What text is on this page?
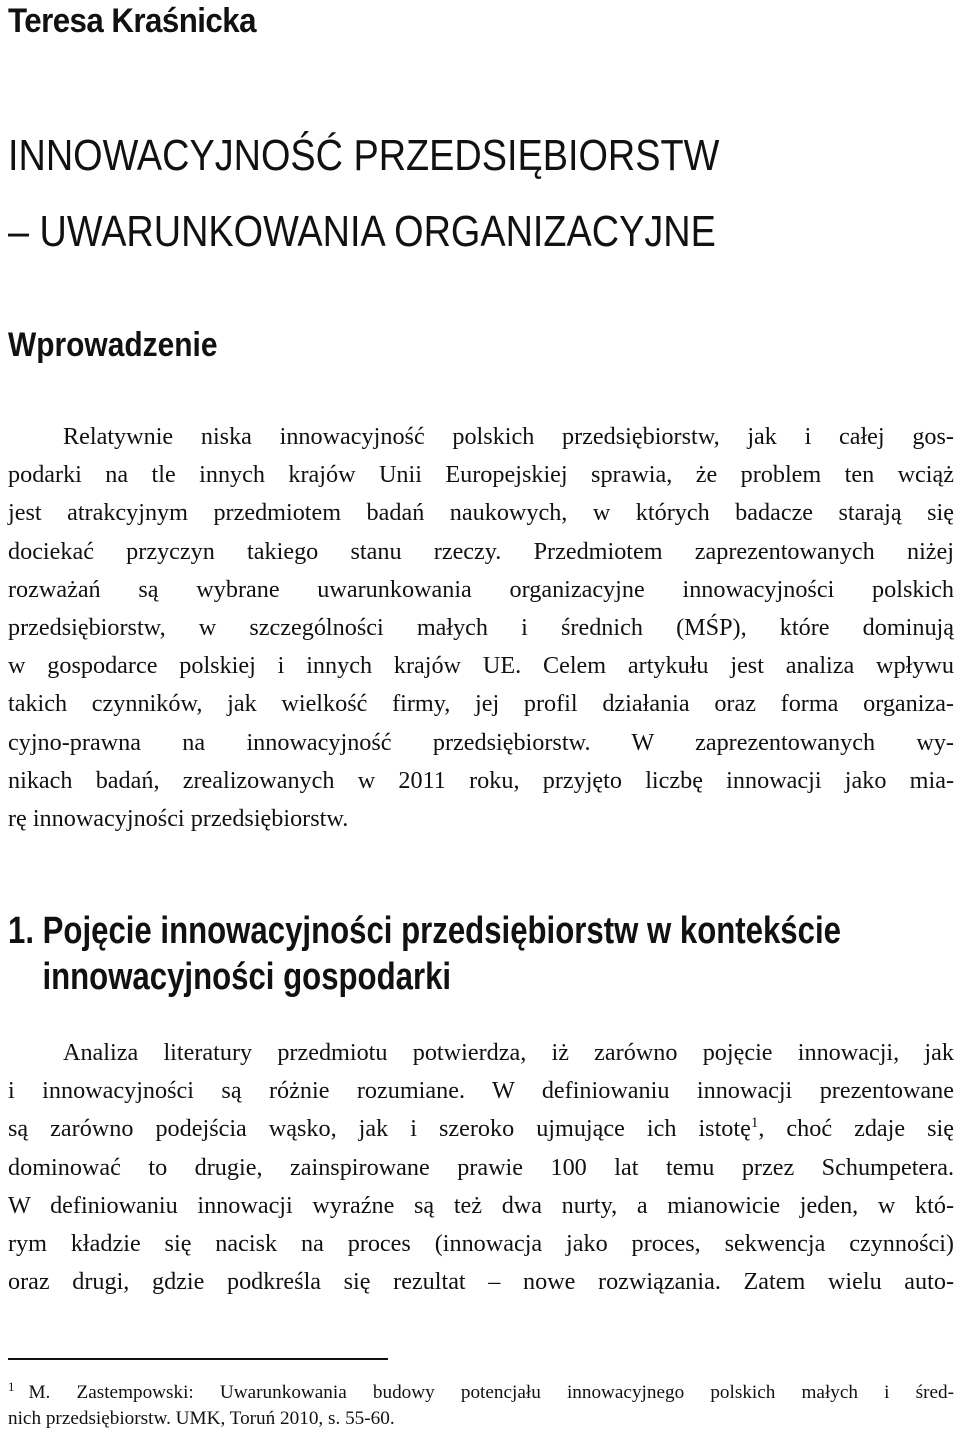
Teresa Kraśnicka
INNOWACYJNOŚĆ PRZEDSIĘBIORSTW
– UWARUNKOWANIA ORGANIZACYJNE
Wprowadzenie
Relatywnie niska innowacyjność polskich przedsiębiorstw, jak i całej gos-
podarki na tle innych krajów Unii Europejskiej sprawia, że problem ten wciąż
jest atrakcyjnym przedmiotem badań naukowych, w których badacze starają się
dociekać przyczyn takiego stanu rzeczy. Przedmiotem zaprezentowanych niżej
rozważań są wybrane uwarunkowania organizacyjne innowacyjności polskich
przedsiębiorstw, w szczególności małych i średnich (MŚP), które dominują
w gospodarce polskiej i innych krajów UE. Celem artykułu jest analiza wpływu
takich czynników, jak wielkość firmy, jej profil działania oraz forma organiza-
cyjno-prawna na innowacyjność przedsiębiorstw. W zaprezentowanych wy-
nikach badań, zrealizowanych w 2011 roku, przyjęto liczbę innowacji jako mia-
rę innowacyjności przedsiębiorstw.
1. Pojęcie innowacyjności przedsiębiorstw w kontekście
innowacyjności gospodarki
Analiza literatury przedmiotu potwierdza, iż zarówno pojęcie innowacji, jak
i innowacyjności są różnie rozumiane. W definiowaniu innowacji prezentowane
są zarówno podejścia wąsko, jak i szeroko ujmujące ich istotę$^1$, choć zdaje się
dominować to drugie, zainspirowane prawie 100 lat temu przez Schumpetera.
W definiowaniu innowacji wyraźne są też dwa nurty, a mianowicie jeden, w któ-
rym kładzie się nacisk na proces (innowacja jako proces, sekwencja czynności)
oraz drugi, gdzie podkreśla się rezultat – nowe rozwiązania. Zatem wielu auto-
$^1$ M. Zastempowski: Uwarunkowania budowy potencjału innowacyjnego polskich małych i śred-
nich przedsiębiorstw. UMK, Toruń 2010, s. 55-60.
